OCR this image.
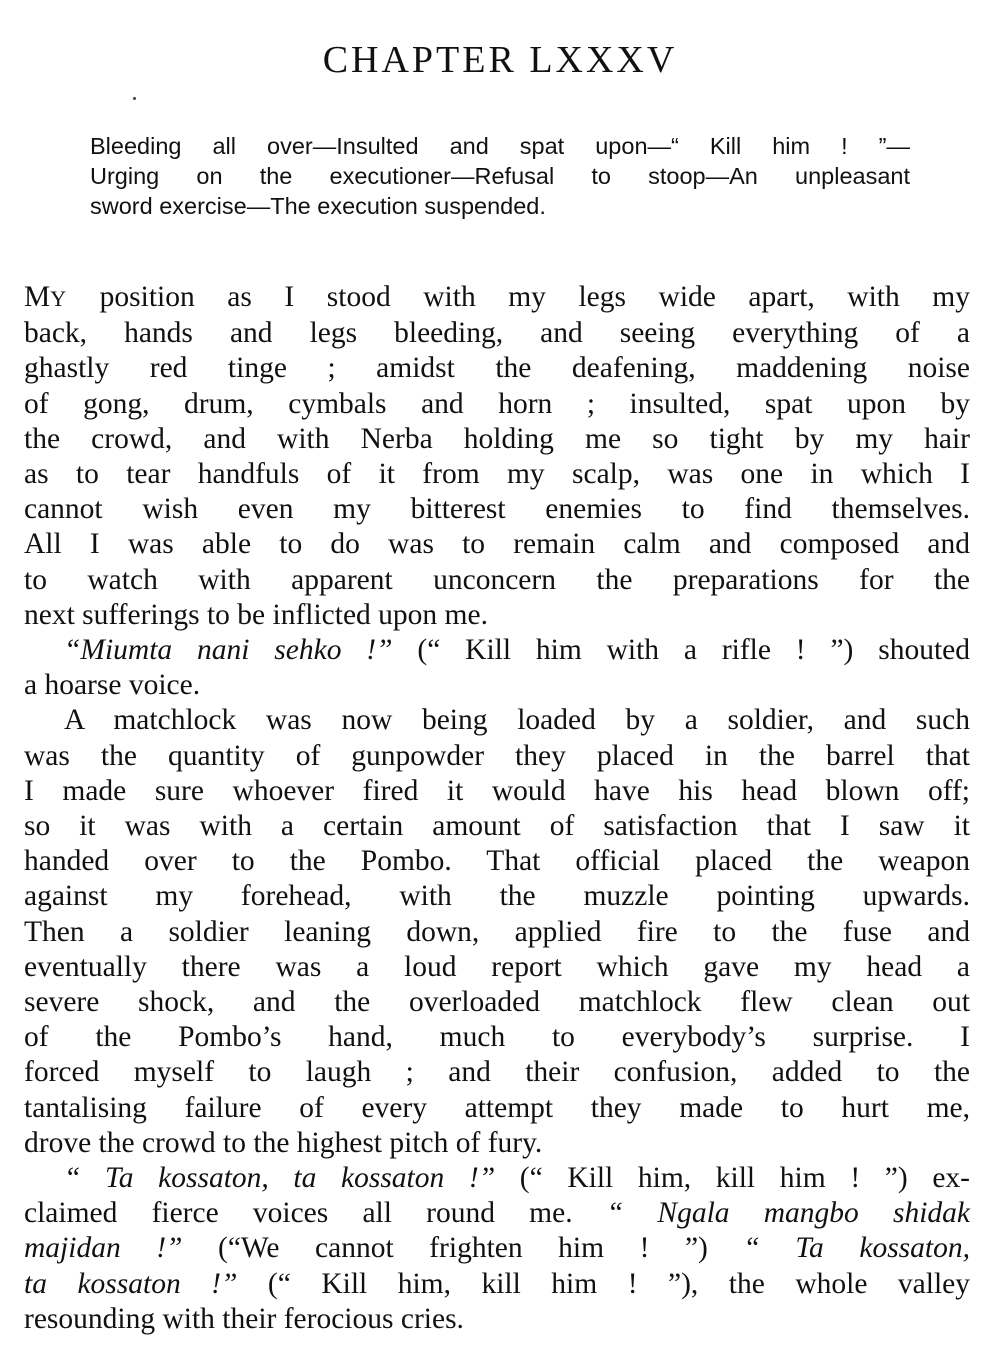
CHAPTER LXXXV
Bleeding all over—Insulted and spat upon—“ Kill him ! ”—
Urging on the executioner—Refusal to stoop—An unpleasant
sword exercise—The execution suspended.
MY position as I stood with my legs wide apart, with my
back, hands and legs bleeding, and seeing everything of a
ghastly red tinge ; amidst the deafening, maddening noise
of gong, drum, cymbals and horn ; insulted, spat upon by
the crowd, and with Nerba holding me so tight by my hair
as to tear handfuls of it from my scalp, was one in which I
cannot wish even my bitterest enemies to find themselves.
All I was able to do was to remain calm and composed and
to watch with apparent unconcern the preparations for the
next sufferings to be inflicted upon me.
“Miumta nani sehko !” (“ Kill him with a rifle ! ”) shouted
a hoarse voice.
A matchlock was now being loaded by a soldier, and such
was the quantity of gunpowder they placed in the barrel that
I made sure whoever fired it would have his head blown off;
so it was with a certain amount of satisfaction that I saw it
handed over to the Pombo. That official placed the weapon
against my forehead, with the muzzle pointing upwards.
Then a soldier leaning down, applied fire to the fuse and
eventually there was a loud report which gave my head a
severe shock, and the overloaded matchlock flew clean out
of the Pombo’s hand, much to everybody’s surprise. I
forced myself to laugh ; and their confusion, added to the
tantalising failure of every attempt they made to hurt me,
drove the crowd to the highest pitch of fury.
“ Ta kossaton, ta kossaton !” (“ Kill him, kill him ! ”) ex-
claimed fierce voices all round me. “ Ngala mangbo shidak
majidan !” (“We cannot frighten him ! ”) “ Ta kossaton,
ta kossaton !” (“ Kill him, kill him ! ”), the whole valley
resounding with their ferocious cries.
